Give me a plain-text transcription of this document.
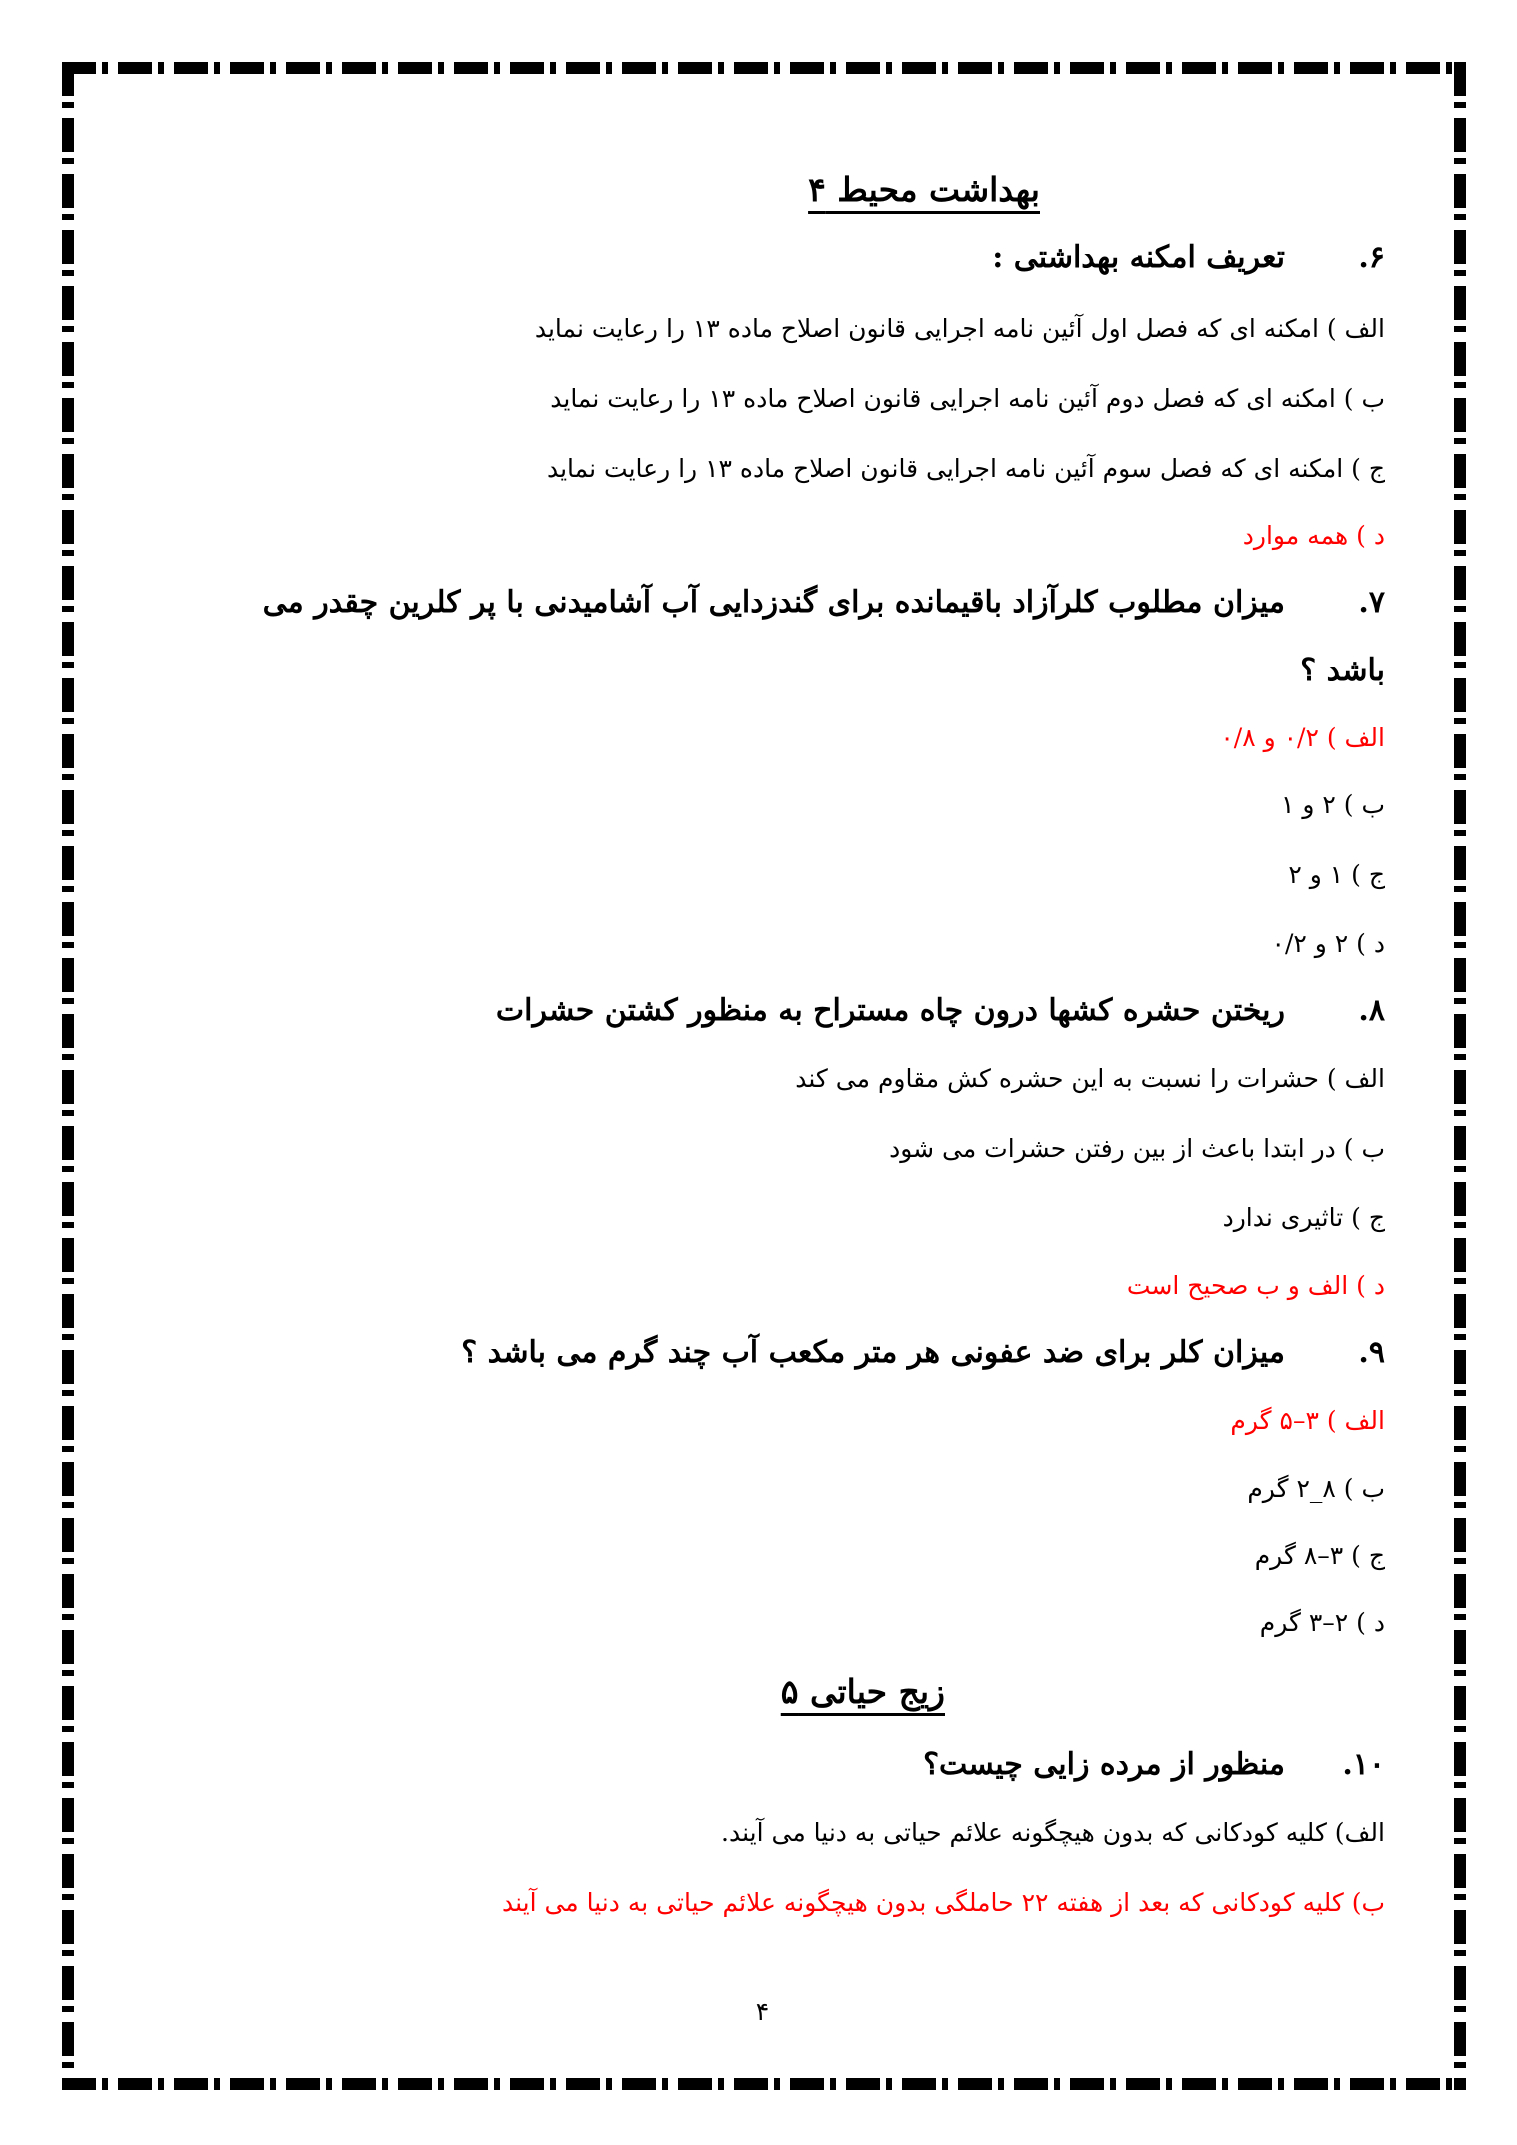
بهداشت محیط ۴
۶.تعریف امکنه بهداشتی :
الف ) امکنه ای که فصل اول آئین نامه اجرایی قانون اصلاح ماده ۱۳ را رعایت نماید
ب ) امکنه ای که فصل دوم آئین نامه اجرایی قانون اصلاح ماده ۱۳ را رعایت نماید
ج ) امکنه ای که فصل سوم آئین نامه اجرایی قانون اصلاح ماده ۱۳ را رعایت نماید
د ) همه موارد
۷.میزان مطلوب کلرآزاد باقیمانده برای گندزدایی آب آشامیدنی با پر کلرین چقدر می
باشد ؟
الف ) ۰/۲ و ۰/۸
ب ) ۲ و ۱
ج ) ۱ و ۲
د ) ۲ و ۰/۲
۸.ریختن حشره کشها درون چاه مستراح به منظور کشتن حشرات
الف ) حشرات را نسبت به این حشره کش مقاوم می کند
ب ) در ابتدا باعث از بین رفتن حشرات می شود
ج ) تاثیری ندارد
د ) الف و ب صحیح است
۹.میزان کلر برای ضد عفونی هر متر مکعب آب چند گرم می باشد ؟
الف ) ۳–۵ گرم
ب ) ۸_۲ گرم
ج ) ۳–۸ گرم
د ) ۲–۳ گرم
زیج حیاتی ۵
۱۰.منظور از مرده زایی چیست؟
الف) کلیه کودکانی که بدون هیچگونه علائم حیاتی به دنیا می آیند.
ب) کلیه کودکانی که بعد از هفته ۲۲ حاملگی بدون هیچگونه علائم حیاتی به دنیا می آیند
۴
